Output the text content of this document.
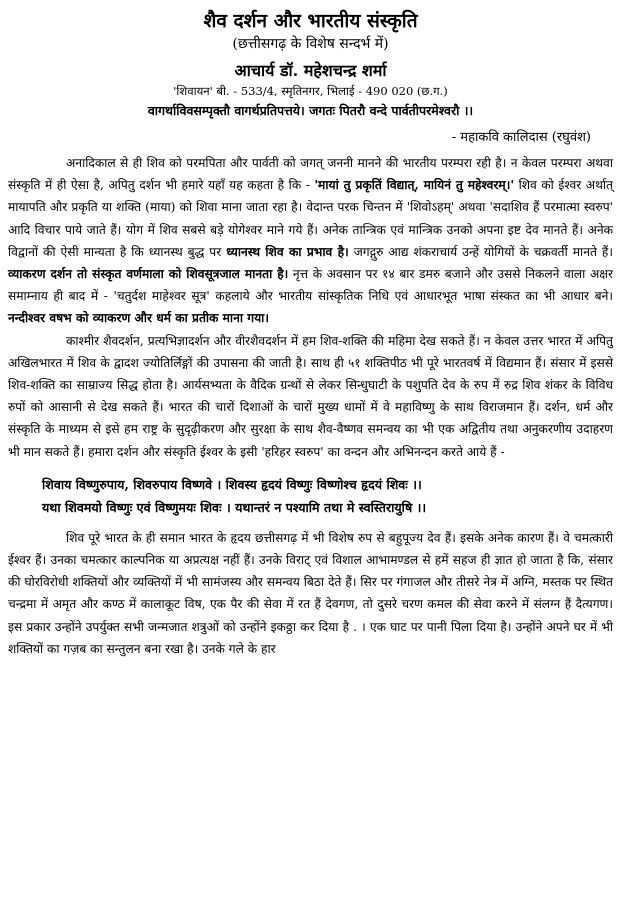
शैव दर्शन और भारतीय संस्कृति

(छत्तीसगढ़ के विशेष सन्दर्भ में)

आचार्य डॉ. महेशचन्द्र शर्मा

'शिवायन' बी. - 533/4, स्मृतिनगर, भिलाई - 490 020 (छ.ग.)

वागर्थाविवसम्पृक्तौ वागर्थप्रतिपत्तये। जगतः पितरौ वन्दे पार्वतीपरमेश्वरौ ।।

- महाकवि कालिदास (रघुवंश)

अनादिकाल से ही शिव को परमपिता और पार्वती को जगत् जननी मानने की भारतीय परम्परा रही है। न केवल परम्परा अथवा संस्कृति में ही ऐसा है, अपितु दर्शन भी हमारे यहाँ यह कहता है कि - 'मायां तु प्रकृतिं विद्यात्, मायिनं तु महेश्वरम्।' शिव को ईश्वर अर्थात् मायापति और प्रकृति या शक्ति (माया) को शिवा माना जाता रहा है। वेदान्त परक चिन्तन में 'शिवोऽहम्' अथवा 'सदाशिव हैं परमात्मा स्वरुप' आदि विचार पाये जाते हैं। योग में शिव सबसे बड़े योगेश्वर माने गये हैं। अनेक तान्त्रिक एवं मान्त्रिक उनको अपना इष्ट देव मानते हैं। अनेक विद्वानों की ऐसी मान्यता है कि ध्यानस्थ बुद्ध पर ध्यानस्थ शिव का प्रभाव है। जगद्गुरु आद्य शंकराचार्य उन्हें योगियों के चक्रवर्ती मानते हैं। व्याकरण दर्शन तो संस्कृत वर्णमाला को शिवसूत्रजाल मानता है। नृत्त के अवसान पर १४ बार डमरु बजाने और उससे निकलने वाला अक्षर समाम्नाय ही बाद में - 'चतुर्दश माहेश्वर सूत्र' कहलाये और भारतीय सांस्कृतिक निधि एवं आधारभूत भाषा संस्कत का भी आधार बने। नन्दीश्वर वषभ को व्याकरण और धर्म का प्रतीक माना गया।

काश्मीर शैवदर्शन, प्रत्यभिज्ञादर्शन और वीरशैवदर्शन में हम शिव-शक्ति की महिमा देख सकते हैं। न केवल उत्तर भारत में अपितु अखिलभारत में शिव के द्वादश ज्योतिर्लिङ्गों की उपासना की जाती है। साथ ही ५१ शक्तिपीठ भी पूरे भारतवर्ष में विद्यमान हैं। संसार में इससे शिव-शक्ति का साम्राज्य सिद्ध होता है। आर्यसभ्यता के वैदिक ग्रन्थों से लेकर सिन्धुघाटी के पशुपति देव के रुप में रुद्र शिव शंकर के विविध रुपों को आसानी से देख सकते हैं। भारत की चारों दिशाओं के चारों मुख्य धामों में वे महाविष्णु के साथ विराजमान हैं। दर्शन, धर्म और संस्कृति के माध्यम से इसे हम राष्ट्र के सुदृढ़ीकरण और सुरक्षा के साथ शैव-वैष्णव समन्वय का भी एक अद्वितीय तथा अनुकरणीय उदाहरण भी मान सकते हैं। हमारा दर्शन और संस्कृति ईश्वर के इसी 'हरिहर स्वरुप' का वन्दन और अभिनन्दन करते आये हैं -

शिवाय विष्णुरुपाय, शिवरुपाय विष्णवे । शिवस्य हृदयं विष्णुः विष्णोश्च हृदयं शिवः ।।
यथा शिवमयो विष्णुः एवं विष्णुमयः शिवः । यथान्तरं न पश्यामि तथा मे स्वस्तिरायुषि ।।

शिव पूरे भारत के ही समान भारत के हृदय छत्तीसगढ़ में भी विशेष रुप से बहुपूज्य देव हैं। इसके अनेक कारण हैं। वे चमत्कारी ईश्वर हैं। उनका चमत्कार काल्पनिक या अप्रत्यक्ष नहीं हैं। उनके विराट् एवं विशाल आभामण्डल से हमें सहज ही ज्ञात हो जाता है कि, संसार की घोरविरोधी शक्तियों और व्यक्तियों में भी सामंजस्य और समन्वय बिठा देते हैं। सिर पर गंगाजल और तीसरे नेत्र में अग्नि, मस्तक पर स्थित चन्द्रमा में अमृत और कण्ठ में कालाकूट विष, एक पैर की सेवा में रत हैं देवगण, तो दुसरे चरण कमल की सेवा करने में संलग्न हैं दैत्यगण। इस प्रकार उन्होंने उपर्युक्त सभी जन्मजात शत्रुओं को उन्होंने इकठ्ठा कर दिया है . । एक घाट पर पानी पिला दिया है। उन्होंने अपने घर में भी शक्तियों का गज़ब का सन्तुलन बना रखा है। उनके गले के हार
